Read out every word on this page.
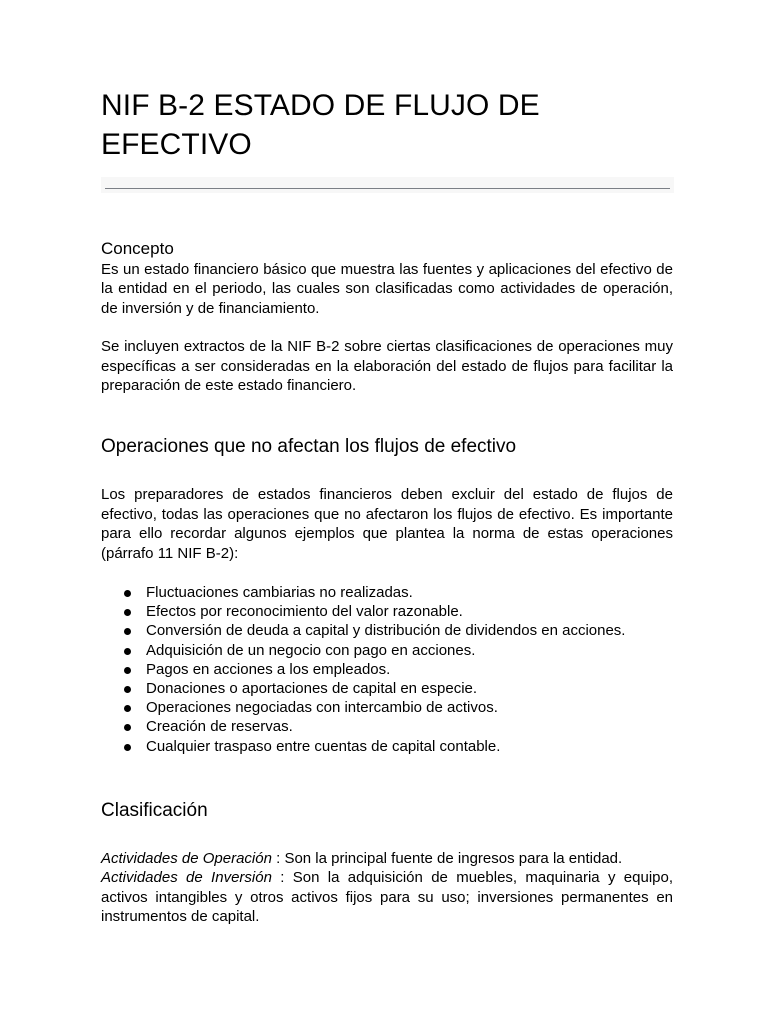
NIF B-2 ESTADO DE FLUJO DE EFECTIVO
Concepto

Es un estado financiero básico que muestra las fuentes y aplicaciones del efectivo de la entidad en el periodo, las cuales son clasificadas como actividades de operación, de inversión y de financiamiento.

Se incluyen extractos de la NIF B-2 sobre ciertas clasificaciones de operaciones muy específicas a ser consideradas en la elaboración del estado de flujos para facilitar la preparación de este estado financiero.

Operaciones que no afectan los flujos de efectivo

Los preparadores de estados financieros deben excluir del estado de flujos de efectivo, todas las operaciones que no afectaron los flujos de efectivo. Es importante para ello recordar algunos ejemplos que plantea la norma de estas operaciones (párrafo 11 NIF B-2):

Fluctuaciones cambiarias no realizadas.
Efectos por reconocimiento del valor razonable.
Conversión de deuda a capital y distribución de dividendos en acciones.
Adquisición de un negocio con pago en acciones.
Pagos en acciones a los empleados.
Donaciones o aportaciones de capital en especie.
Operaciones negociadas con intercambio de activos.
Creación de reservas.
Cualquier traspaso entre cuentas de capital contable.
Clasificación

Actividades de Operación : Son la principal fuente de ingresos para la entidad.

Actividades de Inversión : Son la adquisición de muebles, maquinaria y equipo, activos intangibles y otros activos fijos para su uso; inversiones permanentes en instrumentos de capital.
